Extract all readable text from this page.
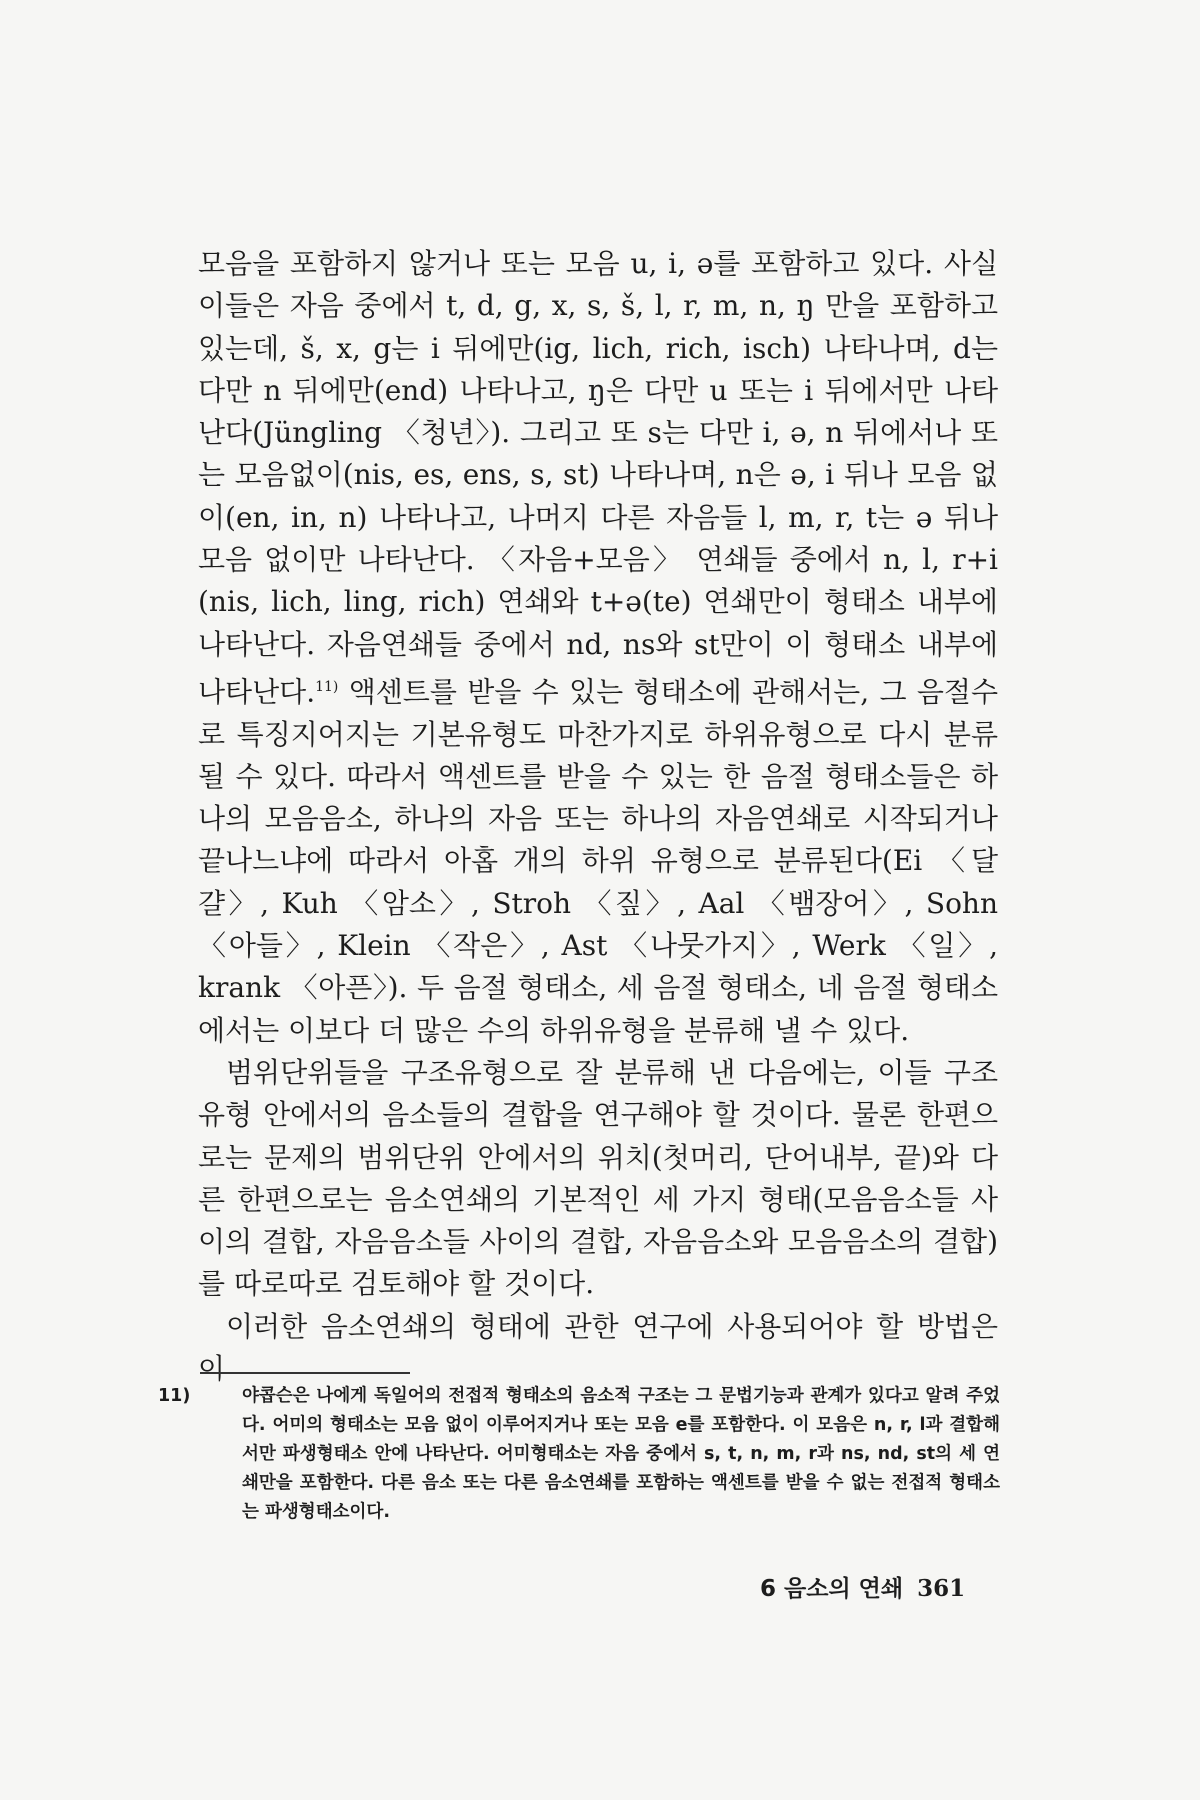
모음을 포함하지 않거나 또는 모음 u, i, ə를 포함하고 있다. 사실 이들은 자음 중에서 t, d, g, x, s, š, l, r, m, n, ŋ 만을 포함하고 있는데, š, x, g는 i 뒤에만(ig, lich, rich, isch) 나타나며, d는 다만 n 뒤에만(end) 나타나고, ŋ은 다만 u 또는 i 뒤에서만 나타난다(Jüngling 〈청년〉). 그리고 또 s는 다만 i, ə, n 뒤에서나 또는 모음없이(nis, es, ens, s, st) 나타나며, n은 ə, i 뒤나 모음 없이(en, in, n) 나타나고, 나머지 다른 자음들 l, m, r, t는 ə 뒤나 모음 없이만 나타난다. 〈자음+모음〉 연쇄들 중에서 n, l, r+i (nis, lich, ling, rich) 연쇄와 t+ə(te) 연쇄만이 형태소 내부에 나타난다. 자음연쇄들 중에서 nd, ns와 st만이 이 형태소 내부에 나타난다.$^{11)}$ 액센트를 받을 수 있는 형태소에 관해서는, 그 음절수로 특징지어지는 기본유형도 마찬가지로 하위유형으로 다시 분류될 수 있다. 따라서 액센트를 받을 수 있는 한 음절 형태소들은 하나의 모음음소, 하나의 자음 또는 하나의 자음연쇄로 시작되거나 끝나느냐에 따라서 아홉 개의 하위 유형으로 분류된다(Ei 〈달걀〉, Kuh 〈암소〉, Stroh 〈짚〉, Aal 〈뱀장어〉, Sohn 〈아들〉, Klein 〈작은〉, Ast 〈나뭇가지〉, Werk 〈일〉, krank 〈아픈〉). 두 음절 형태소, 세 음절 형태소, 네 음절 형태소에서는 이보다 더 많은 수의 하위유형을 분류해 낼 수 있다.

범위단위들을 구조유형으로 잘 분류해 낸 다음에는, 이들 구조유형 안에서의 음소들의 결합을 연구해야 할 것이다. 물론 한편으로는 문제의 범위단위 안에서의 위치(첫머리, 단어내부, 끝)와 다른 한편으로는 음소연쇄의 기본적인 세 가지 형태(모음음소들 사이의 결합, 자음음소들 사이의 결합, 자음음소와 모음음소의 결합)를 따로따로 검토해야 할 것이다.

이러한 음소연쇄의 형태에 관한 연구에 사용되어야 할 방법은 이

11)	야콥슨은 나에게 독일어의 전접적 형태소의 음소적 구조는 그 문법기능과 관계가 있다고 알려 주었다. 어미의 형태소는 모음 없이 이루어지거나 또는 모음 e를 포함한다. 이 모음은 n, r, l과 결합해서만 파생형태소 안에 나타난다. 어미형태소는 자음 중에서 s, t, n, m, r과 ns, nd, st의 세 연쇄만을 포함한다. 다른 음소 또는 다른 음소연쇄를 포함하는 액센트를 받을 수 없는 전접적 형태소는 파생형태소이다.
6 음소의 연쇄 361
